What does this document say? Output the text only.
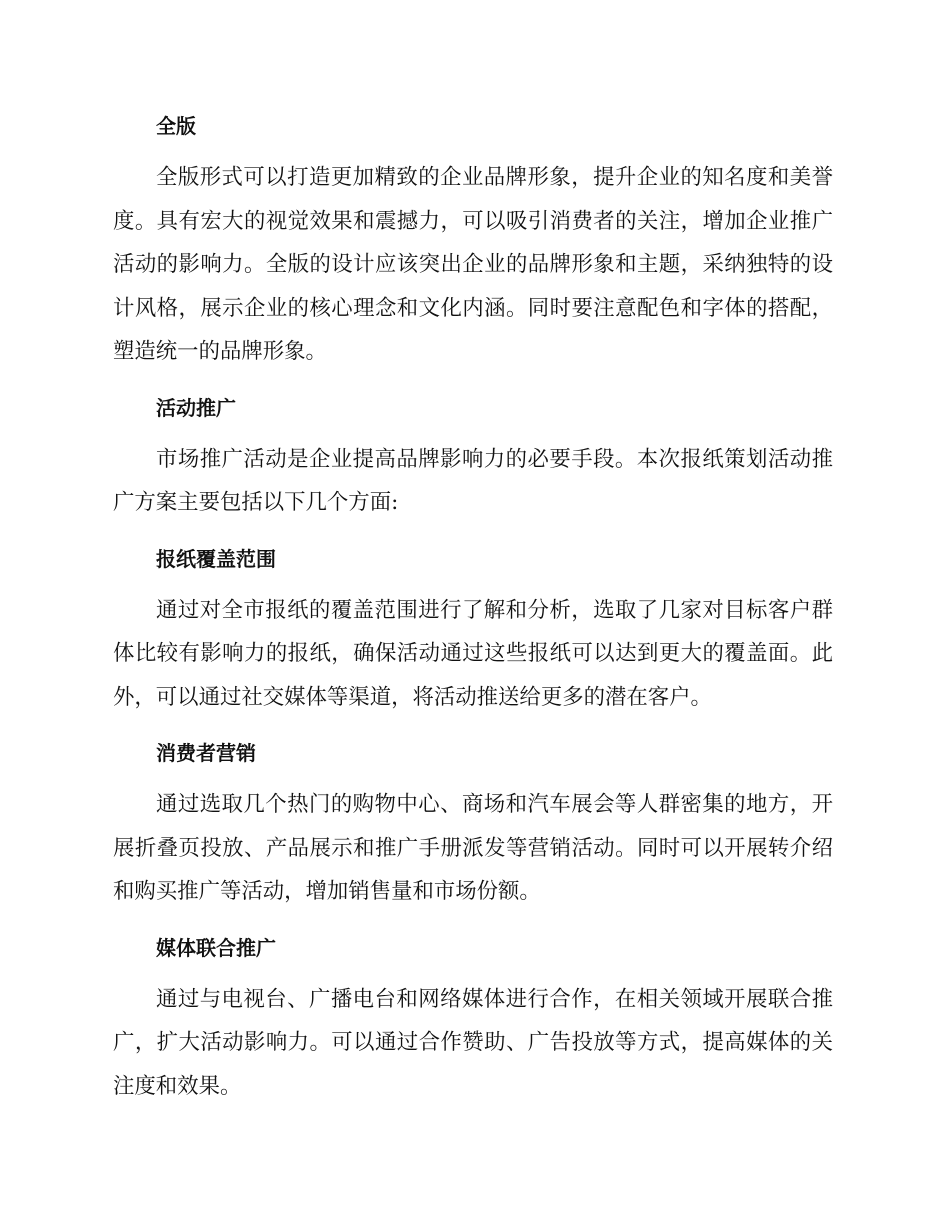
全版
全版形式可以打造更加精致的企业品牌形象，提升企业的知名度和美誉度。具有宏大的视觉效果和震撼力，可以吸引消费者的关注，增加企业推广活动的影响力。全版的设计应该突出企业的品牌形象和主题，采纳独特的设计风格，展示企业的核心理念和文化内涵。同时要注意配色和字体的搭配，塑造统一的品牌形象。
活动推广
市场推广活动是企业提高品牌影响力的必要手段。本次报纸策划活动推广方案主要包括以下几个方面:
报纸覆盖范围
通过对全市报纸的覆盖范围进行了解和分析，选取了几家对目标客户群体比较有影响力的报纸，确保活动通过这些报纸可以达到更大的覆盖面。此外，可以通过社交媒体等渠道，将活动推送给更多的潜在客户。
消费者营销
通过选取几个热门的购物中心、商场和汽车展会等人群密集的地方，开展折叠页投放、产品展示和推广手册派发等营销活动。同时可以开展转介绍和购买推广等活动，增加销售量和市场份额。
媒体联合推广
通过与电视台、广播电台和网络媒体进行合作，在相关领域开展联合推广，扩大活动影响力。可以通过合作赞助、广告投放等方式，提高媒体的关注度和效果。
